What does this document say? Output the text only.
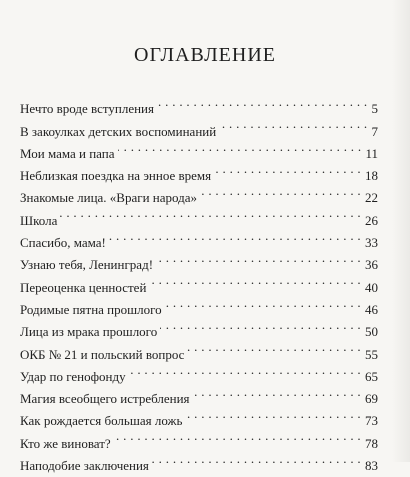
ОГЛАВЛЕНИЕ
Нечто вроде вступления . . .	5
В закоулках детских воспоминаний . . .	7
Мои мама и папа . . .	11
Неблизкая поездка на энное время . . .	18
Знакомые лица. «Враги народа» . . .	22
Школа . . .	26
Спасибо, мама! . . .	33
Узнаю тебя, Ленинград! . . .	36
Переоценка ценностей . . .	40
Родимые пятна прошлого . . .	46
Лица из мрака прошлого . . .	50
ОКБ № 21 и польский вопрос . . .	55
Удар по генофонду . . .	65
Магия всеобщего истребления . . .	69
Как рождается большая ложь . . .	73
Кто же виноват? . . .	78
Наподобие заключения . . .	83
